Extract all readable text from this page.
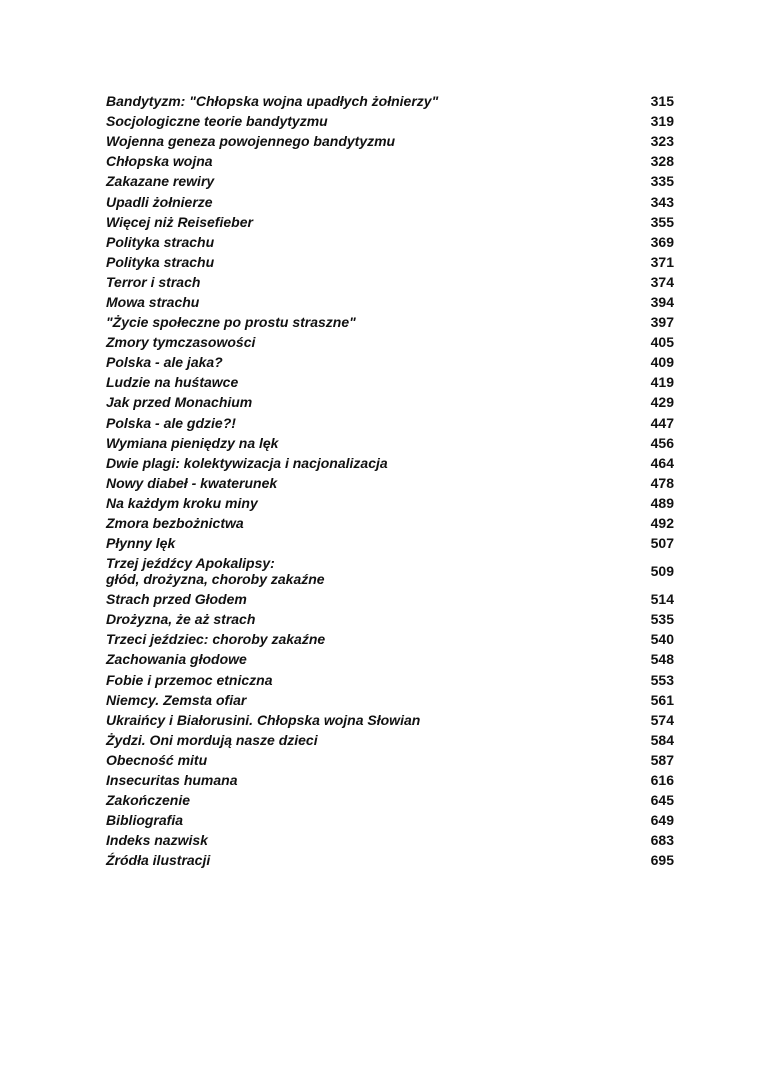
Bandytyzm: "Chłopska wojna upadłych żołnierzy"	315
Socjologiczne teorie bandytyzmu	319
Wojenna geneza powojennego bandytyzmu	323
Chłopska wojna	328
Zakazane rewiry	335
Upadli żołnierze	343
Więcej niż Reisefieber	355
Polityka strachu	369
Polityka strachu	371
Terror i strach	374
Mowa strachu	394
"Życie społeczne po prostu straszne"	397
Zmory tymczasowości	405
Polska - ale jaka?	409
Ludzie na huśtawce	419
Jak przed Monachium	429
Polska - ale gdzie?!	447
Wymiana pieniędzy na lęk	456
Dwie plagi: kolektywizacja i nacjonalizacja	464
Nowy diabeł - kwaterunek	478
Na każdym kroku miny	489
Zmora bezbożnictwa	492
Płynny lęk	507
Trzej jeźdźcy Apokalipsy:
głód, drożyzna, choroby zakaźne	509
Strach przed Głodem	514
Drożyzna, że aż strach	535
Trzeci jeździec: choroby zakaźne	540
Zachowania głodowe	548
Fobie i przemoc etniczna	553
Niemcy. Zemsta ofiar	561
Ukraińcy i Białorusini. Chłopska wojna Słowian	574
Żydzi. Oni mordują nasze dzieci	584
Obecność mitu	587
Insecuritas humana	616
Zakończenie	645
Bibliografia	649
Indeks nazwisk	683
Źródła ilustracji	695
